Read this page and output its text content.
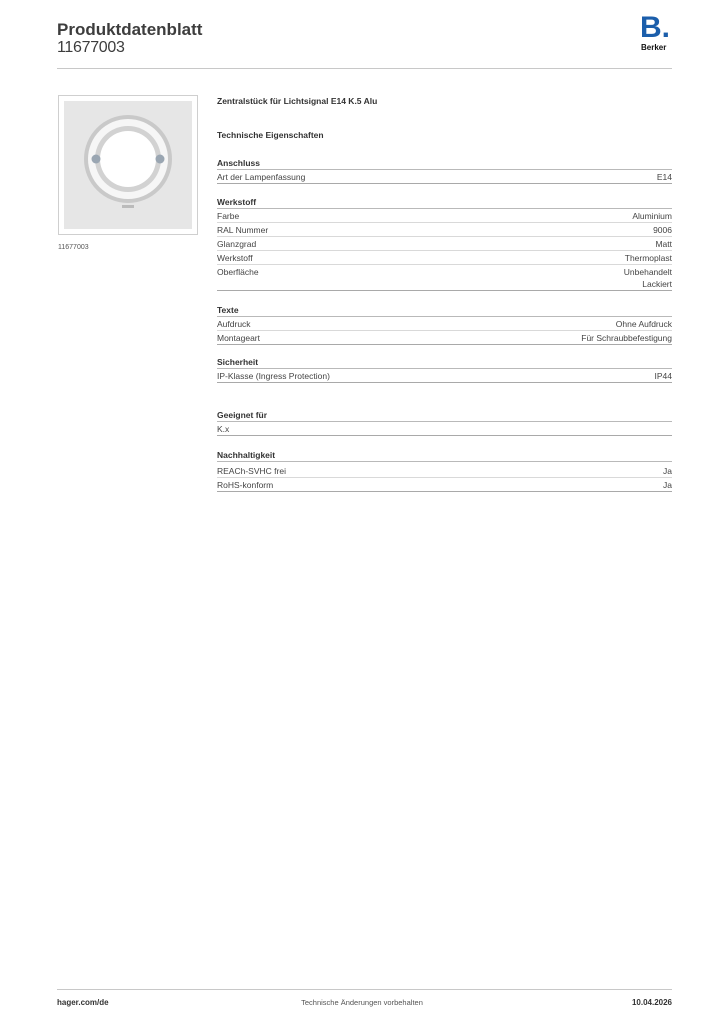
Produktdatenblatt
11677003
B.
Berker
11677003
Zentralstück für Lichtsignal E14 K.5 Alu
Technische Eigenschaften
Anschluss
Art der Lampenfassung	E14
Werkstoff
Farbe	Aluminium
RAL Nummer	9006
Glanzgrad	Matt
Werkstoff	Thermoplast
Oberfläche	Unbehandelt
Lackiert
Texte
Aufdruck	Ohne Aufdruck
Montageart	Für Schraubbefestigung
Sicherheit
IP-Klasse (Ingress Protection)	IP44
Geeignet für
K.x
Nachhaltigkeit
REACh-SVHC frei	Ja
RoHS-konform	Ja
hager.com/de	Technische Änderungen vorbehalten	10.04.2026
